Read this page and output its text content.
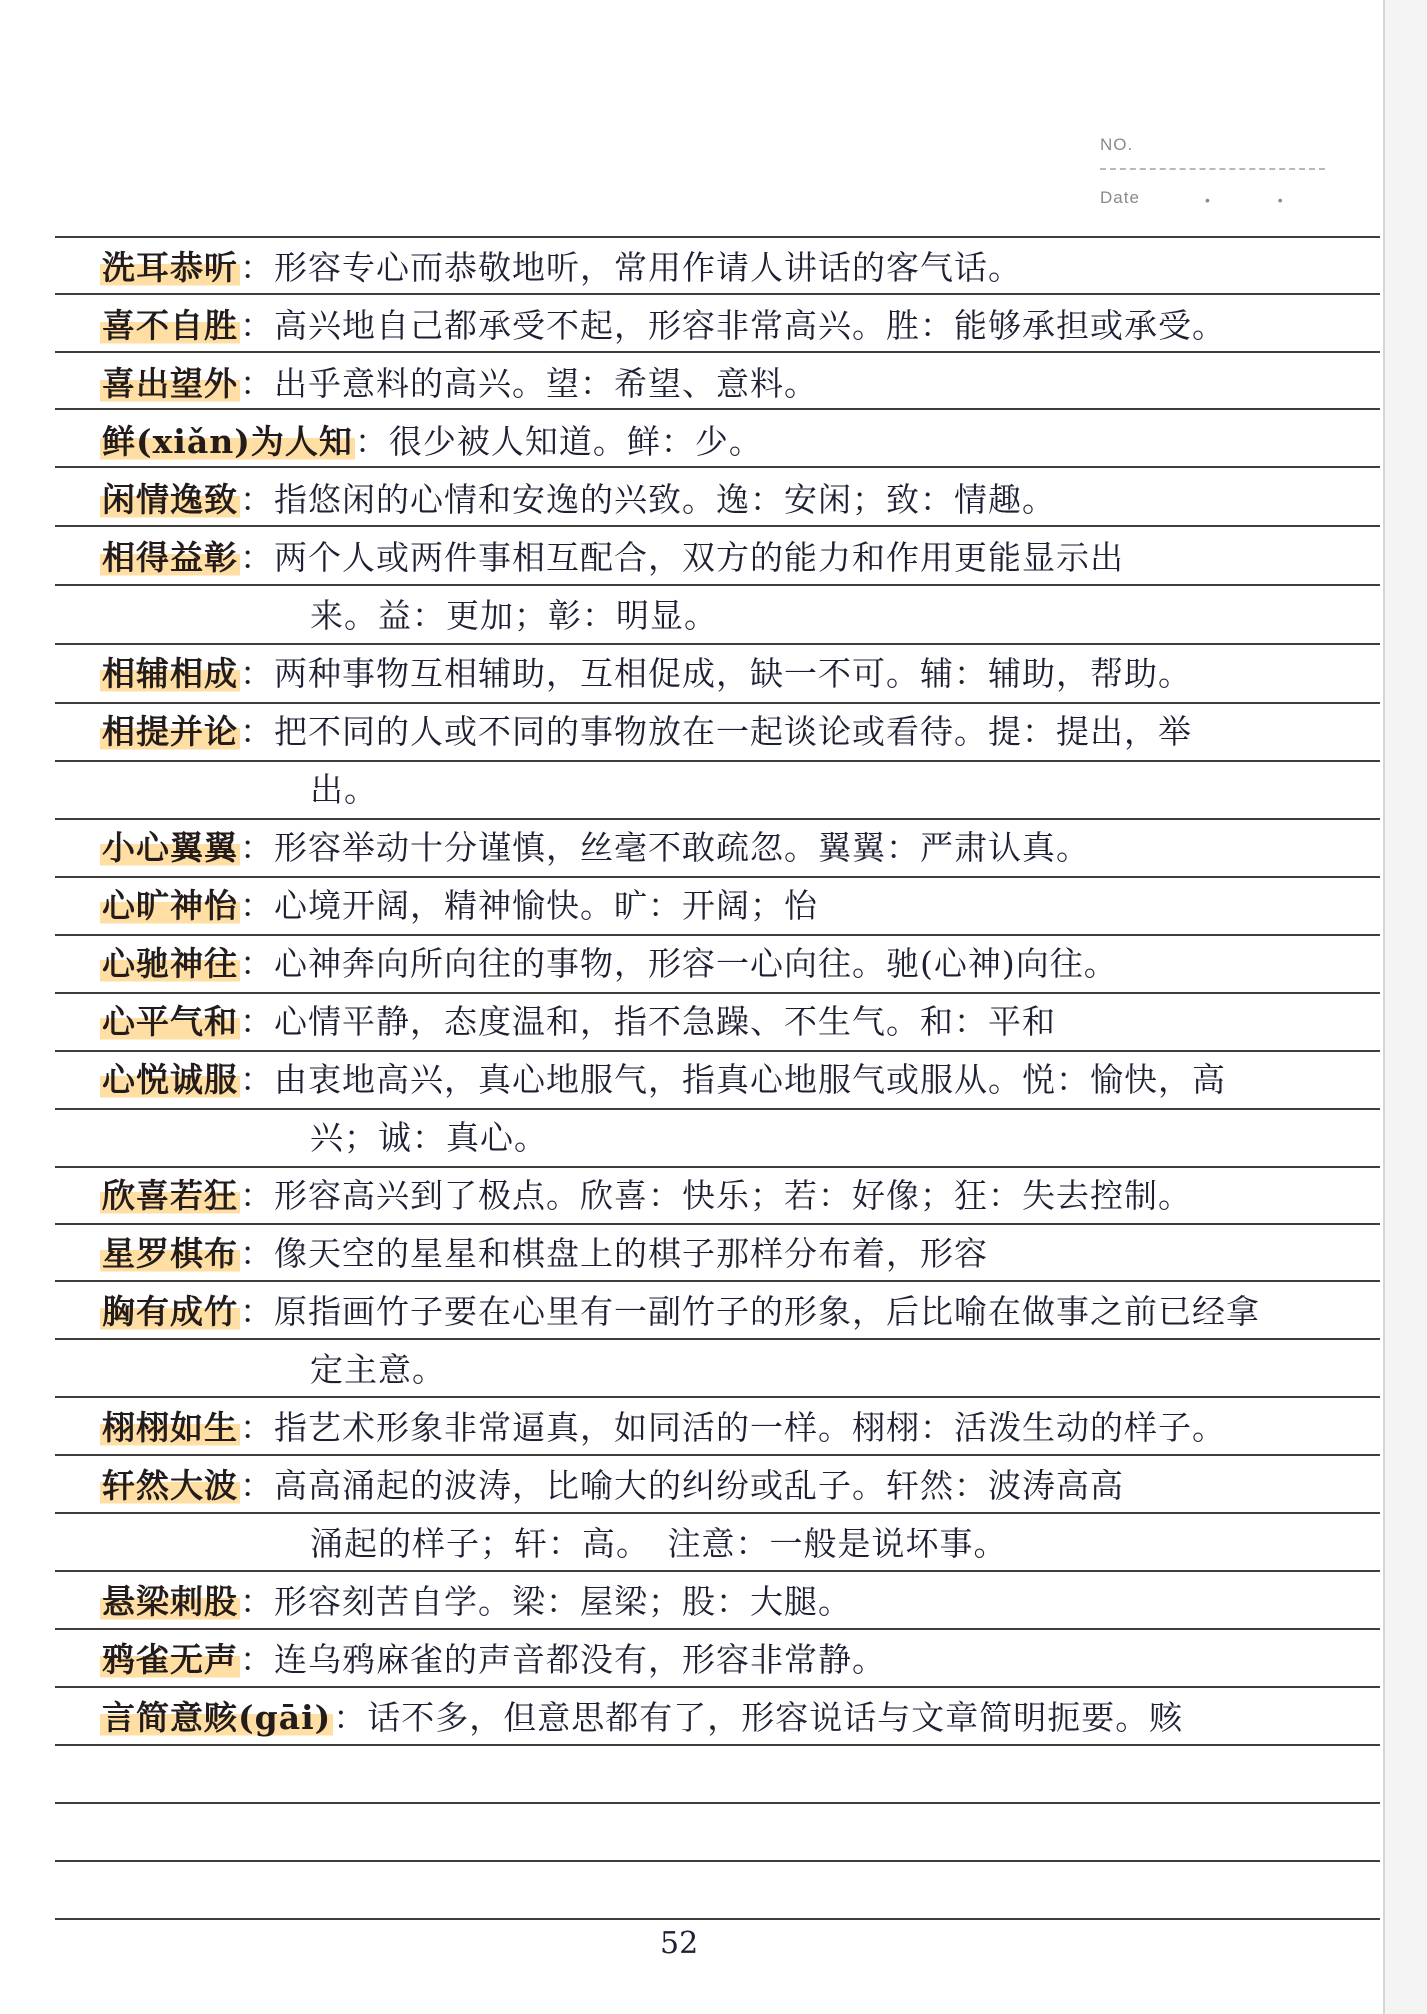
NO.
Date	• •
洗耳恭听：形容专心而恭敬地听，常用作请人讲话的客气话。
喜不自胜：高兴地自己都承受不起，形容非常高兴。胜：能够承担或承受。
喜出望外：出乎意料的高兴。望：希望、意料。
鲜(xiǎn)为人知：很少被人知道。鲜：少。
闲情逸致：指悠闲的心情和安逸的兴致。逸：安闲；致：情趣。
相得益彰：两个人或两件事相互配合，双方的能力和作用更能显示出
来。益：更加；彰：明显。
相辅相成：两种事物互相辅助，互相促成，缺一不可。辅：辅助，帮助。
相提并论：把不同的人或不同的事物放在一起谈论或看待。提：提出，举
出。
小心翼翼：形容举动十分谨慎，丝毫不敢疏忽。翼翼：严肃认真。
心旷神怡：心境开阔，精神愉快。旷：开阔；怡
心驰神往：心神奔向所向往的事物，形容一心向往。驰(心神)向往。
心平气和：心情平静，态度温和，指不急躁、不生气。和：平和
心悦诚服：由衷地高兴，真心地服气，指真心地服气或服从。悦：愉快，高
兴；诚：真心。
欣喜若狂：形容高兴到了极点。欣喜：快乐；若：好像；狂：失去控制。
星罗棋布：像天空的星星和棋盘上的棋子那样分布着，形容
胸有成竹：原指画竹子要在心里有一副竹子的形象，后比喻在做事之前已经拿
定主意。
栩栩如生：指艺术形象非常逼真，如同活的一样。栩栩：活泼生动的样子。
轩然大波：高高涌起的波涛，比喻大的纠纷或乱子。轩然：波涛高高
涌起的样子；轩：高。　注意：一般是说坏事。
悬梁刺股：形容刻苦自学。梁：屋梁；股：大腿。
鸦雀无声：连乌鸦麻雀的声音都没有，形容非常静。
言简意赅(gāi)：话不多，但意思都有了，形容说话与文章简明扼要。赅
52
